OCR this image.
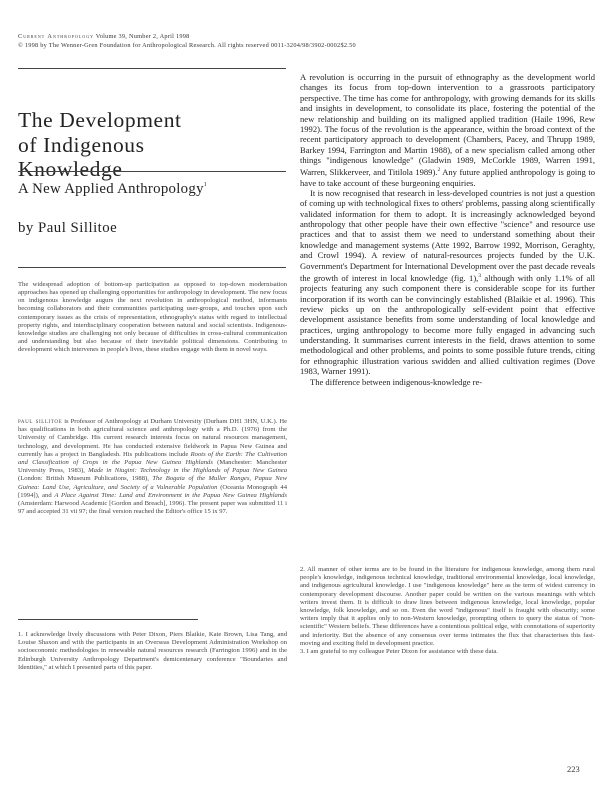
Current Anthropology Volume 39, Number 2, April 1998
© 1998 by The Wenner-Gren Foundation for Anthropological Research. All rights reserved 0011-3204/98/3902-0002$2.50
The Development
of Indigenous
Knowledge
A New Applied Anthropology$^1$
by Paul Sillitoe
The widespread adoption of bottom-up participation as opposed to top-down modernisation approaches has opened up challenging opportunities for anthropology in development. The new focus on indigenous knowledge augurs the next revolution in anthropological method, informants becoming collaborators and their communities participating user-groups, and touches upon such contemporary issues as the crisis of representation, ethnography's status with regard to intellectual property rights, and interdisciplinary cooperation between natural and social scientists. Indigenous-knowledge studies are challenging not only because of difficulties in cross-cultural communication and understanding but also because of their inevitable political dimensions. Contributing to development which intervenes in people's lives, these studies engage with them in novel ways.
paul sillitoe is Professor of Anthropology at Durham University (Durham DH1 3HN, U.K.). He has qualifications in both agricultural science and anthropology with a Ph.D. (1976) from the University of Cambridge. His current research interests focus on natural resources management, technology, and development. He has conducted extensive fieldwork in Papua New Guinea and currently has a project in Bangladesh. His publications include Roots of the Earth: The Cultivation and Classification of Crops in the Papua New Guinea Highlands (Manchester: Manchester University Press, 1983), Made in Niugini: Technology in the Highlands of Papua New Guinea (London: British Museum Publications, 1988), The Bogaia of the Muller Ranges, Papua New Guinea: Land Use, Agriculture, and Society of a Vulnerable Population (Oceania Monograph 44 [1994]), and A Place Against Time: Land and Environment in the Papua New Guinea Highlands (Amsterdam: Harwood Academic [Gordon and Breach], 1996). The present paper was submitted 11 i 97 and accepted 31 vii 97; the final version reached the Editor's office 15 ix 97.
1. I acknowledge lively discussions with Peter Dixon, Piers Blaikie, Kate Brown, Lisa Tang, and Louise Shaxon and with the participants in an Overseas Development Administration Workshop on socioeconomic methodologies in renewable natural resources research (Farrington 1996) and in the Edinburgh University Anthropology Department's demicentenary conference "Boundaries and Identities," at which I presented parts of this paper.

A revolution is occurring in the pursuit of ethnography as the development world changes its focus from top-down intervention to a grassroots participatory perspective. The time has come for anthropology, with growing demands for its skills and insights in development, to consolidate its place, fostering the potential of the new relationship and building on its maligned applied tradition (Haile 1996, Rew 1992). The focus of the revolution is the appearance, within the broad context of the recent participatory approach to development (Chambers, Pacey, and Thrupp 1989, Barkey 1994, Farrington and Martin 1988), of a new specialism called among other things "indigenous knowledge" (Gladwin 1989, McCorkle 1989, Warren 1991, Warren, Slikkerveer, and Titilola 1989).$^2$ Any future applied anthropology is going to have to take account of these burgeoning enquiries.

It is now recognised that research in less-developed countries is not just a question of coming up with technological fixes to others' problems, passing along scientifically validated information for them to adopt. It is increasingly acknowledged beyond anthropology that other people have their own effective "science" and resource use practices and that to assist them we need to understand something about their knowledge and management systems (Atte 1992, Barrow 1992, Morrison, Geraghty, and Crowl 1994). A review of natural-resources projects funded by the U.K. Government's Department for International Development over the past decade reveals the growth of interest in local knowledge (fig. 1),$^3$ although with only 1.1% of all projects featuring any such component there is considerable scope for its further incorporation if its worth can be convincingly established (Blaikie et al. 1996). This review picks up on the anthropologically self-evident point that effective development assistance benefits from some understanding of local knowledge and practices, urging anthropology to become more fully engaged in advancing such understanding. It summarises current interests in the field, draws attention to some methodological and other problems, and points to some possible future trends, citing for ethnographic illustration various swidden and allied cultivation regimes (Dove 1983, Warner 1991).

The difference between indigenous-knowledge re-

2. All manner of other terms are to be found in the literature for indigenous knowledge, among them rural people's knowledge, indigenous technical knowledge, traditional environmental knowledge, local knowledge, and indigenous agricultural knowledge. I use "indigenous knowledge" here as the term of widest currency in contemporary development discourse. Another paper could be written on the various meanings with which writers invest them. It is difficult to draw lines between indigenous knowledge, local knowledge, popular knowledge, folk knowledge, and so on. Even the word "indigenous" itself is fraught with obscurity; some writers imply that it applies only to non-Western knowledge, prompting others to query the status of "non-scientific" Western beliefs. These differences have a contentious political edge, with connotations of superiority and inferiority. But the absence of any consensus over terms intimates the flux that characterises this fast-moving and exciting field in development practice.

3. I am grateful to my colleague Peter Dixon for assistance with these data.

223
